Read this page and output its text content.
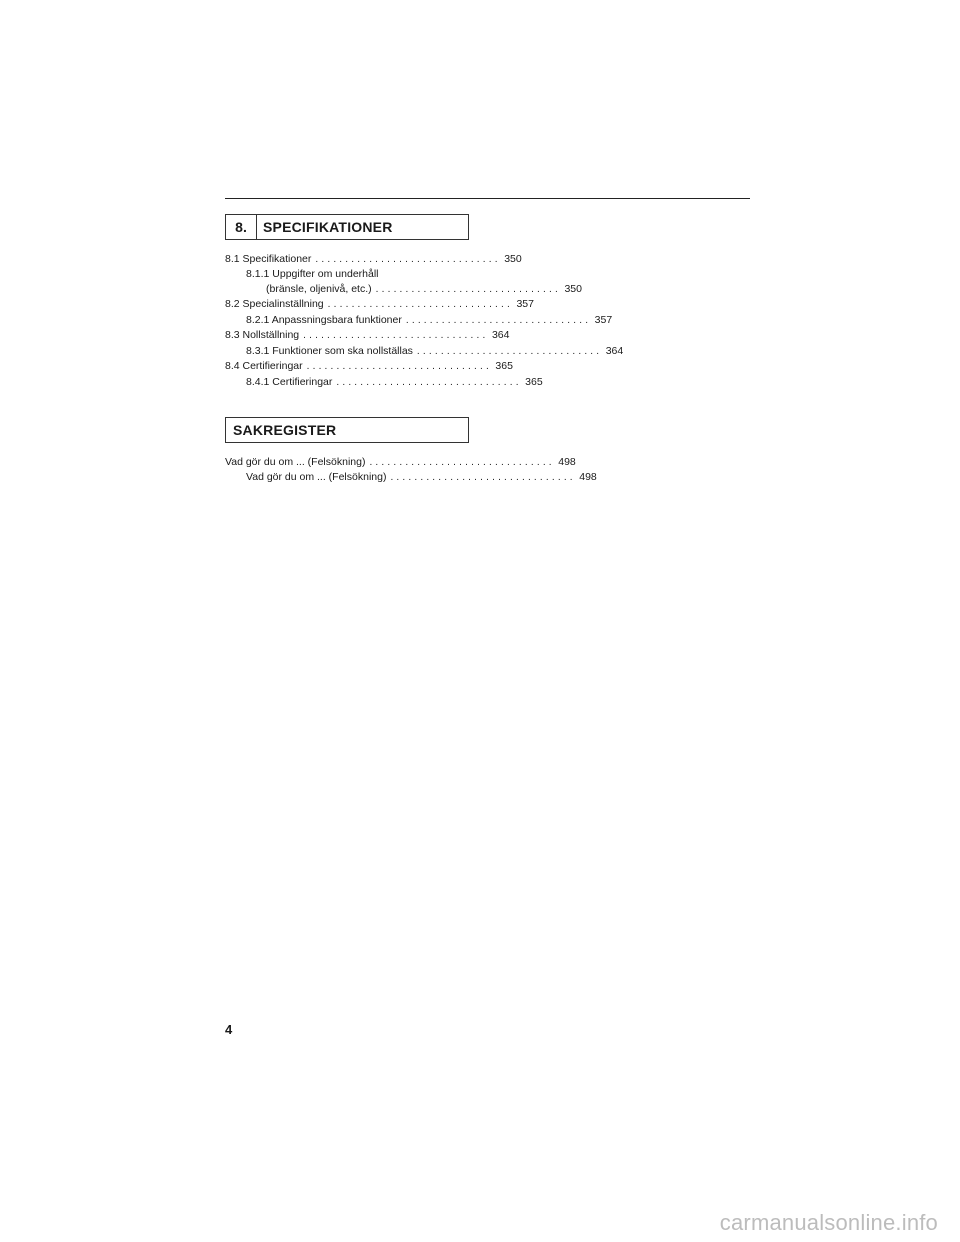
8.	SPECIFIKATIONER
8.1 Specifikationer ............................... 350
8.1.1 Uppgifter om underhåll
(bränsle, oljenivå, etc.) ............................... 350
8.2 Specialinställning ............................... 357
8.2.1 Anpassningsbara funktioner ............................... 357
8.3 Nollställning ............................... 364
8.3.1 Funktioner som ska nollställas ............................... 364
8.4 Certifieringar ............................... 365
8.4.1 Certifieringar ............................... 365
SAKREGISTER
Vad gör du om ... (Felsökning) ............................... 498
Vad gör du om ... (Felsökning) ............................... 498
4
carmanualsonline.info
